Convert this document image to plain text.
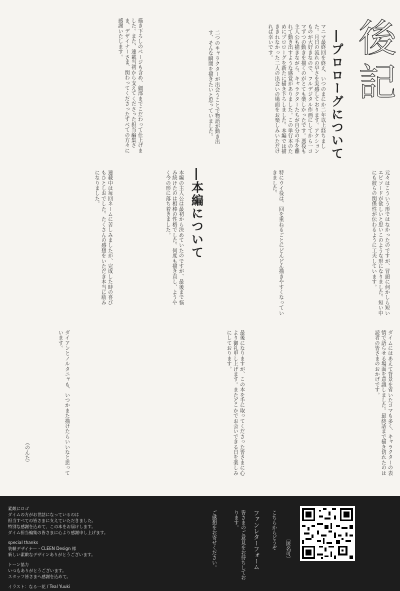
後記
―プロローグについて
マニマ最終回を終え、いつのまにか二年以上経ちました。月日の流れの早さを実感しております。アクションものが大好きなので、フルデジタル作画にしてから一コマずつの動きを描くのがとても楽しかったです。悪役も主人公も描きながら、キャラクターたちが自分の手を離れて動き出すような感覚がありました。この単行本のためにプロローグを新たに描き下ろしました。本編では描ききれなかった二人の出会いの場面をお楽しみいただければ幸いです。
二つのキャラクターが出会うことで物語が動き出す、そんな瞬間を描きたいと思っていました。
描き下ろしのページも含め、細部までこだわって仕上げました。また、連載当初から支えてくださった担当編集さま、デザイナーさま、関わってくださったすべての方々に感謝いたします。
―本編について	元々はこういう形ではなかったのですが、冒頭に何かしら短いエピソードが欲しいと思いこのような形になりました。短い中にも彼らの関係性が伝わるように工夫しています。
特にウイ役は、回を重ねるごとにどんどん描きやすくなっていきました。
本編の主人公は最初から決めていたのですが、最後まで悩み続けたのは相棒の性格でした。何度も描き直し、ようやく今の形に落ち着きました。
連載中は毎回ネームに苦しみましたが、完成した時の喜びもひとしおでした。たくさんの感想をいただき本当に励みになりました。
ダイムにはあえて背景を省いたコマも多く、キャラクターの表情で語らせる場面を意識しました。最終話まで描き切れたのは読者の皆さまのおかげです。
最後になりますが、この本を手に取ってくださった皆さまに心より御礼申し上げます。またどこかでお会いできる日を楽しみにしております。
ダイアンとノルタニャも、いつかまた描けたらいいなと思っています。
（のんた）

素敵にロゴ
ダイムの方がお世話になっているのは
担当すべての皆さまに支えていただきました。
特別な感謝を込めて、この本をお届けします。
ダイム担当編集の皆さまに心より感謝申し上げます。

special thanks
装幀デザイナー・CLEEN Design 様
新しい素敵なデザインありがとうございます。

トーン協力
いつもありがとうございます。
スタッフ皆さまへ感謝を込めて。

イラスト：なる一花 / Teal Yuuki

ご感想をお寄せください。	皆さまのご意見をお待ちしております。	ファンレターフォーム こちらからどうぞ 〔匿名可〕
